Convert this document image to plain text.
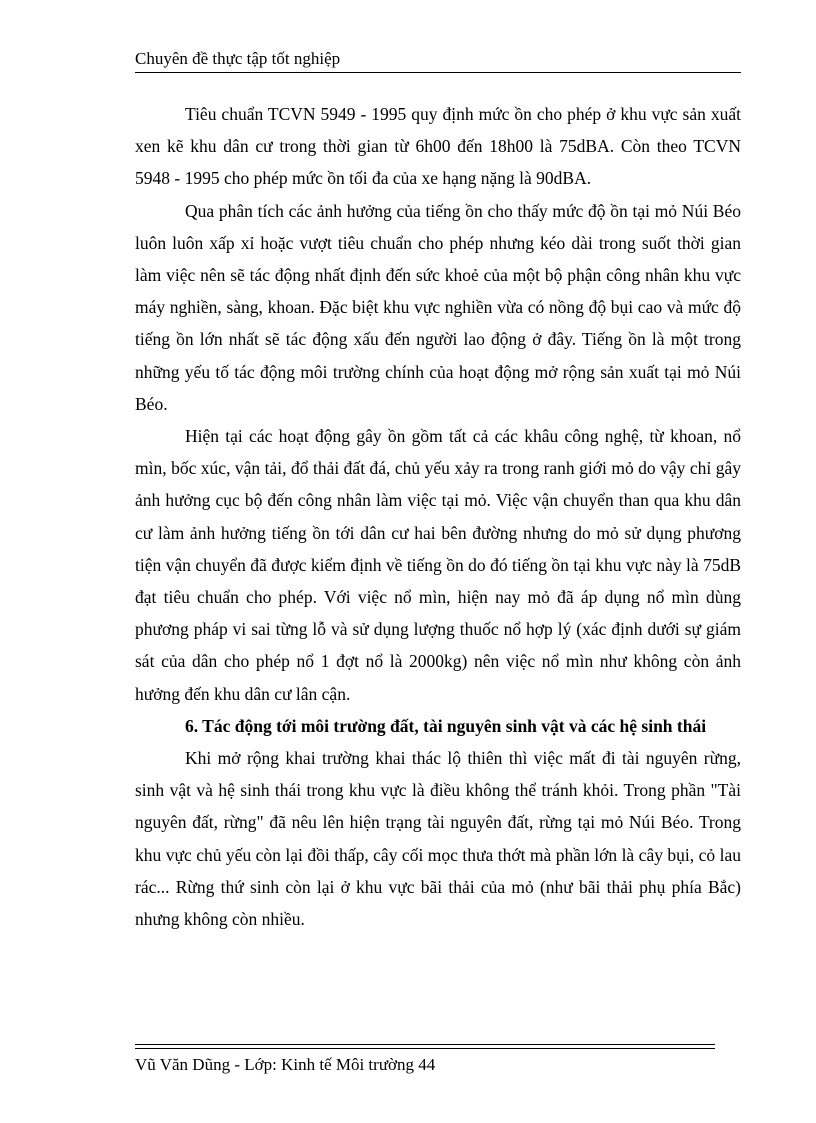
Chuyên đề thực tập tốt nghiệp

Tiêu chuẩn TCVN 5949 - 1995 quy định mức ồn cho phép ở khu vực sản xuất xen kẽ khu dân cư trong thời gian từ 6h00 đến 18h00 là 75dBA. Còn theo TCVN 5948 - 1995 cho phép mức ồn tối đa của xe hạng nặng là 90dBA.

Qua phân tích các ảnh hưởng của tiếng ồn cho thấy mức độ ồn tại mỏ Núi Béo luôn luôn xấp xỉ hoặc vượt tiêu chuẩn cho phép nhưng kéo dài trong suốt thời gian làm việc nên sẽ tác động nhất định đến sức khoẻ của một bộ phận công nhân khu vực máy nghiền, sàng, khoan. Đặc biệt khu vực nghiền vừa có nồng độ bụi cao và mức độ tiếng ồn lớn nhất sẽ tác động xấu đến người lao động ở đây. Tiếng ồn là một trong những yếu tố tác động môi trường chính của hoạt động mở rộng sản xuất tại mỏ Núi Béo.

Hiện tại các hoạt động gây ồn gồm tất cả các khâu công nghệ, từ khoan, nổ mìn, bốc xúc, vận tải, đổ thải đất đá, chủ yếu xảy ra trong ranh giới mỏ do vậy chỉ gây ảnh hưởng cục bộ đến công nhân làm việc tại mỏ. Việc vận chuyển than qua khu dân cư làm ảnh hưởng tiếng ồn tới dân cư hai bên đường nhưng do mỏ sử dụng phương tiện vận chuyển đã được kiểm định về tiếng ồn do đó tiếng ồn tại khu vực này là 75dB đạt tiêu chuẩn cho phép. Với việc nổ mìn, hiện nay mỏ đã áp dụng nổ mìn dùng phương pháp vi sai từng lỗ và sử dụng lượng thuốc nổ hợp lý (xác định dưới sự giám sát của dân cho phép nổ 1 đợt nổ là 2000kg) nên việc nổ mìn như không còn ảnh hưởng đến khu dân cư lân cận.

6. Tác động tới môi trường đất, tài nguyên sinh vật và các hệ sinh thái

Khi mở rộng khai trường khai thác lộ thiên thì việc mất đi tài nguyên rừng, sinh vật và hệ sinh thái trong khu vực là điều không thể tránh khỏi. Trong phần "Tài nguyên đất, rừng" đã nêu lên hiện trạng tài nguyên đất, rừng tại mỏ Núi Béo. Trong khu vực chủ yếu còn lại đồi thấp, cây cối mọc thưa thớt mà phần lớn là cây bụi, cỏ lau rác... Rừng thứ sinh còn lại ở khu vực bãi thải của mỏ (như bãi thải phụ phía Bắc) nhưng không còn nhiều.

Vũ Văn Dũng - Lớp: Kinh tế Môi trường 44
